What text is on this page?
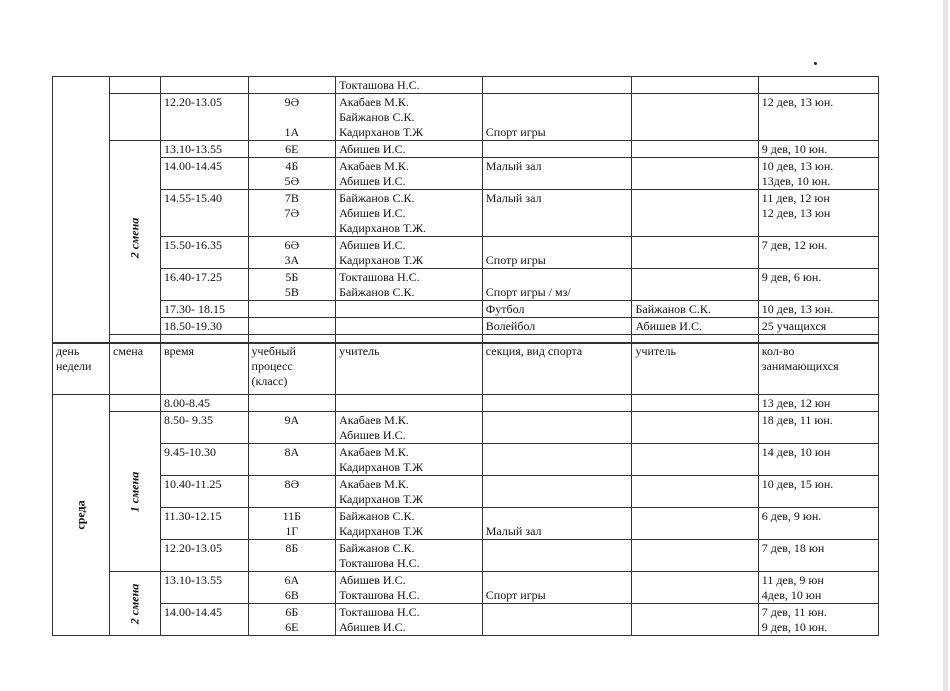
				Токташова Н.С.			

		12.20-13.05	9Ә
1А	Акабаев М.К.
Байжанов С.К.
Кадирханов Т.Ж	Спорт игры		12 дев, 13 юн.

	2 смена	13.10-13.55	6Е	Абишев И.С.			9 дев, 10 юн.

		14.00-14.45	4Б
5Ә	Акабаев М.К.
Абишев И.С.	Малый зал		10 дев, 13 юн.
13дев, 10 юн.

		14.55-15.40	7В
7Ә	Байжанов С.К.
Абишев И.С.
Кадирханов Т.Ж.	Малый зал		11 дев, 12 юн
12 дев, 13 юн

		15.50-16.35	6Ә
3А	Абишев И.С.
Кадирханов Т.Ж	Спотр игры		7 дев, 12 юн.

		16.40-17.25	5Б
5В	Токташова Н.С.
Байжанов С.К.	Спорт игры / мз/		9 дев, 6 юн.

		17.30- 18.15			Футбол	Байжанов С.К.	10 дев, 13 юн.

		18.50-19.30			Волейбол	Абишев И.С.	25 учащихся

день
недели	смена	время	учебный
процесс
(класс)	учитель	секция, вид спорта	учитель	кол-во
занимающихся

среда		8.00-8.45					13 дев, 12 юн

	1 смена	8.50- 9.35	9А	Акабаев М.К.
Абишев И.С.			18 дев, 11 юн.

		9.45-10.30	8А	Акабаев М.К.
Кадирханов Т.Ж			14 дев, 10 юн

		10.40-11.25	8Ә	Акабаев М.К.
Кадирханов Т.Ж			10 дев, 15 юн.

		11.30-12.15	11Б
1Г	Байжанов С.К.
Кадирханов Т.Ж	Малый зал		6 дев, 9 юн.

		12.20-13.05	8Б	Байжанов С.К.
Токташова Н.С.			7 дев, 18 юн

	2 смена	13.10-13.55	6А
6В	Абишев И.С.
Токташова Н.С.	Спорт игры		11 дев, 9 юн
4дев, 10 юн

		14.00-14.45	6Б
6Е	Токташова Н.С.
Абишев И.С.			7 дев, 11 юн.
9 дев, 10 юн.
